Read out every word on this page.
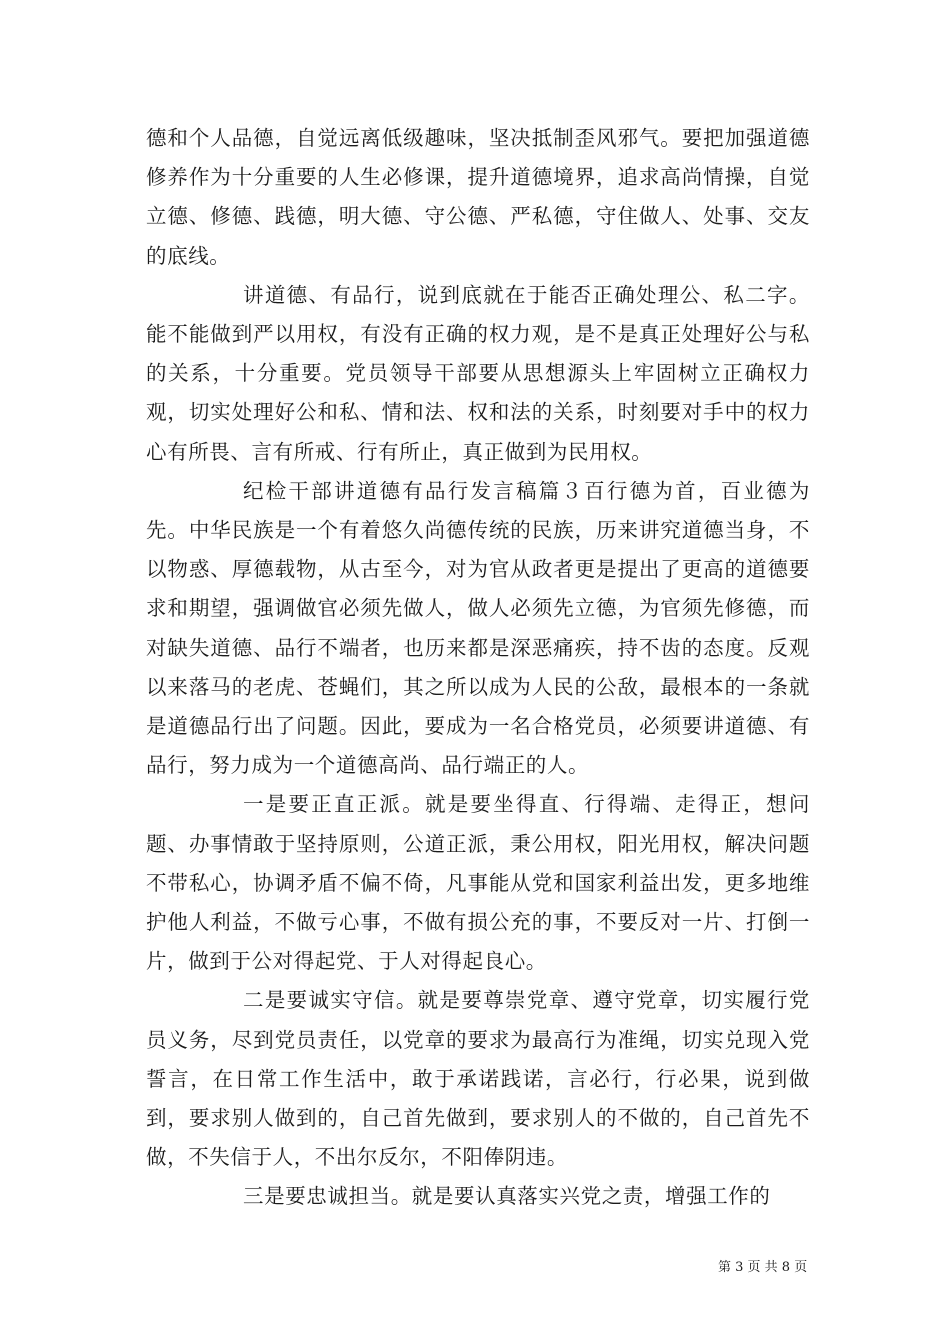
德和个人品德，自觉远离低级趣味，坚决抵制歪风邪气。要把加强道德修养作为十分重要的人生必修课，提升道德境界，追求高尚情操，自觉立德、修德、践德，明大德、守公德、严私德，守住做人、处事、交友的底线。

讲道德、有品行，说到底就在于能否正确处理公、私二字。能不能做到严以用权，有没有正确的权力观，是不是真正处理好公与私的关系，十分重要。党员领导干部要从思想源头上牢固树立正确权力观，切实处理好公和私、情和法、权和法的关系，时刻要对手中的权力心有所畏、言有所戒、行有所止，真正做到为民用权。

纪检干部讲道德有品行发言稿篇３百行德为首，百业德为先。中华民族是一个有着悠久尚德传统的民族，历来讲究道德当身，不以物惑、厚德载物，从古至今，对为官从政者更是提出了更高的道德要求和期望，强调做官必须先做人，做人必须先立德，为官须先修德，而对缺失道德、品行不端者，也历来都是深恶痛疾，持不齿的态度。反观以来落马的老虎、苍蝇们，其之所以成为人民的公敌，最根本的一条就是道德品行出了问题。因此，要成为一名合格党员，必须要讲道德、有品行，努力成为一个道德高尚、品行端正的人。

一是要正直正派。就是要坐得直、行得端、走得正，想问题、办事情敢于坚持原则，公道正派，秉公用权，阳光用权，解决问题不带私心，协调矛盾不偏不倚，凡事能从党和国家利益出发，更多地维护他人利益，不做亏心事，不做有损公充的事，不要反对一片、打倒一片，做到于公对得起党、于人对得起良心。

二是要诚实守信。就是要尊崇党章、遵守党章，切实履行党员义务，尽到党员责任，以党章的要求为最高行为准绳，切实兑现入党誓言，在日常工作生活中，敢于承诺践诺，言必行，行必果，说到做到，要求别人做到的，自己首先做到，要求别人的不做的，自己首先不做，不失信于人，不出尔反尔，不阳俸阴违。

三是要忠诚担当。就是要认真落实兴党之责，增强工作的

第 3 页 共 8 页
